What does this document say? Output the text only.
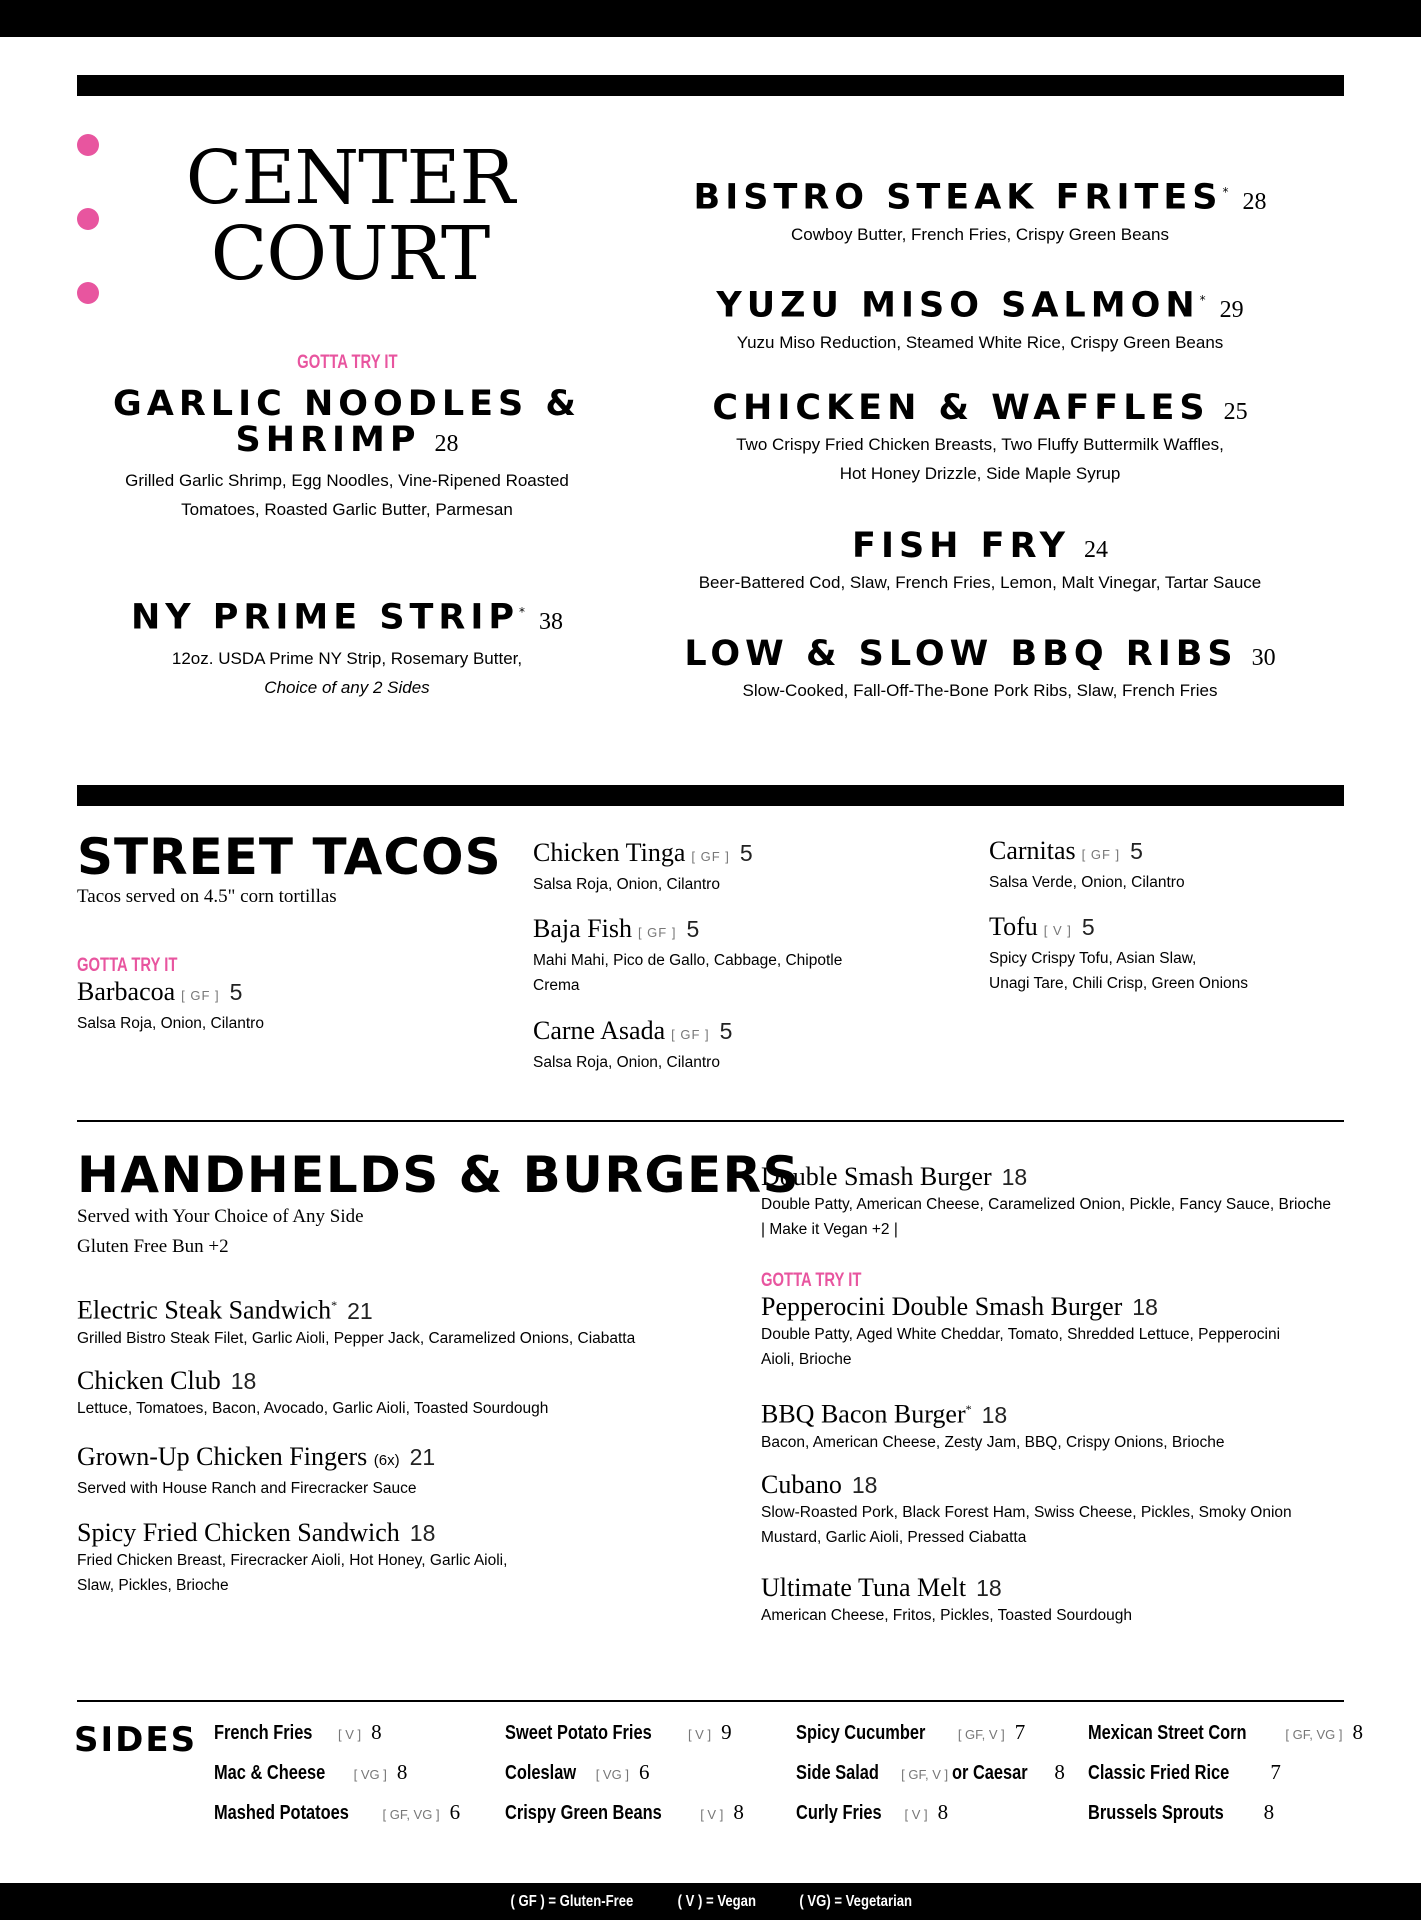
CENTER
COURT
GOTTA TRY IT
GARLIC NOODLES &
SHRIMP 28
Grilled Garlic Shrimp, Egg Noodles, Vine-Ripened Roasted
Tomatoes, Roasted Garlic Butter, Parmesan
NY PRIME STRIP* 38
12oz. USDA Prime NY Strip, Rosemary Butter,
Choice of any 2 Sides
BISTRO STEAK FRITES* 28
Cowboy Butter, French Fries, Crispy Green Beans
YUZU MISO SALMON* 29
Yuzu Miso Reduction, Steamed White Rice, Crispy Green Beans
CHICKEN & WAFFLES 25
Two Crispy Fried Chicken Breasts, Two Fluffy Buttermilk Waffles,
Hot Honey Drizzle, Side Maple Syrup
FISH FRY 24
Beer-Battered Cod, Slaw, French Fries, Lemon, Malt Vinegar, Tartar Sauce
LOW & SLOW BBQ RIBS 30
Slow-Cooked, Fall-Off-The-Bone Pork Ribs, Slaw, French Fries
STREET TACOS
Tacos served on 4.5" corn tortillas
GOTTA TRY IT
Barbacoa [ GF ] 5
Salsa Roja, Onion, Cilantro
Chicken Tinga [ GF ] 5
Salsa Roja, Onion, Cilantro
Baja Fish [ GF ] 5
Mahi Mahi, Pico de Gallo, Cabbage, Chipotle
Crema
Carne Asada [ GF ] 5
Salsa Roja, Onion, Cilantro
Carnitas [ GF ] 5
Salsa Verde, Onion, Cilantro
Tofu [ V ] 5
Spicy Crispy Tofu, Asian Slaw,
Unagi Tare, Chili Crisp, Green Onions
HANDHELDS & BURGERS
Served with Your Choice of Any Side
Gluten Free Bun +2
Electric Steak Sandwich* 21
Grilled Bistro Steak Filet, Garlic Aioli, Pepper Jack, Caramelized Onions, Ciabatta
Chicken Club 18
Lettuce, Tomatoes, Bacon, Avocado, Garlic Aioli, Toasted Sourdough
Grown-Up Chicken Fingers (6x) 21
Served with House Ranch and Firecracker Sauce
Spicy Fried Chicken Sandwich 18
Fried Chicken Breast, Firecracker Aioli, Hot Honey, Garlic Aioli,
Slaw, Pickles, Brioche
Double Smash Burger 18
Double Patty, American Cheese, Caramelized Onion, Pickle, Fancy Sauce, Brioche
| Make it Vegan +2 |
GOTTA TRY IT
Pepperocini Double Smash Burger 18
Double Patty, Aged White Cheddar, Tomato, Shredded Lettuce, Pepperocini
Aioli, Brioche
BBQ Bacon Burger* 18
Bacon, American Cheese, Zesty Jam, BBQ, Crispy Onions, Brioche
Cubano 18
Slow-Roasted Pork, Black Forest Ham, Swiss Cheese, Pickles, Smoky Onion
Mustard, Garlic Aioli, Pressed Ciabatta
Ultimate Tuna Melt 18
American Cheese, Fritos, Pickles, Toasted Sourdough
SIDES French Fries [ V ] 8
Mac & Cheese [ VG ] 8
Mashed Potatoes	[ GF, VG ] 6
Sweet Potato Fries	[ V ] 9
Coleslaw [ VG ] 6
Crispy Green Beans	[ V ] 8
Spicy Cucumber [ GF, V ] 7
Side Salad [ GF, V ] or Caesar 8
Curly Fries [ V ] 8
Mexican Street Corn	[ GF, VG ] 8
Classic Fried Rice 7
Brussels Sprouts 8
( GF ) = Gluten-Free	( V ) = Vegan	( VG) = Vegetarian
